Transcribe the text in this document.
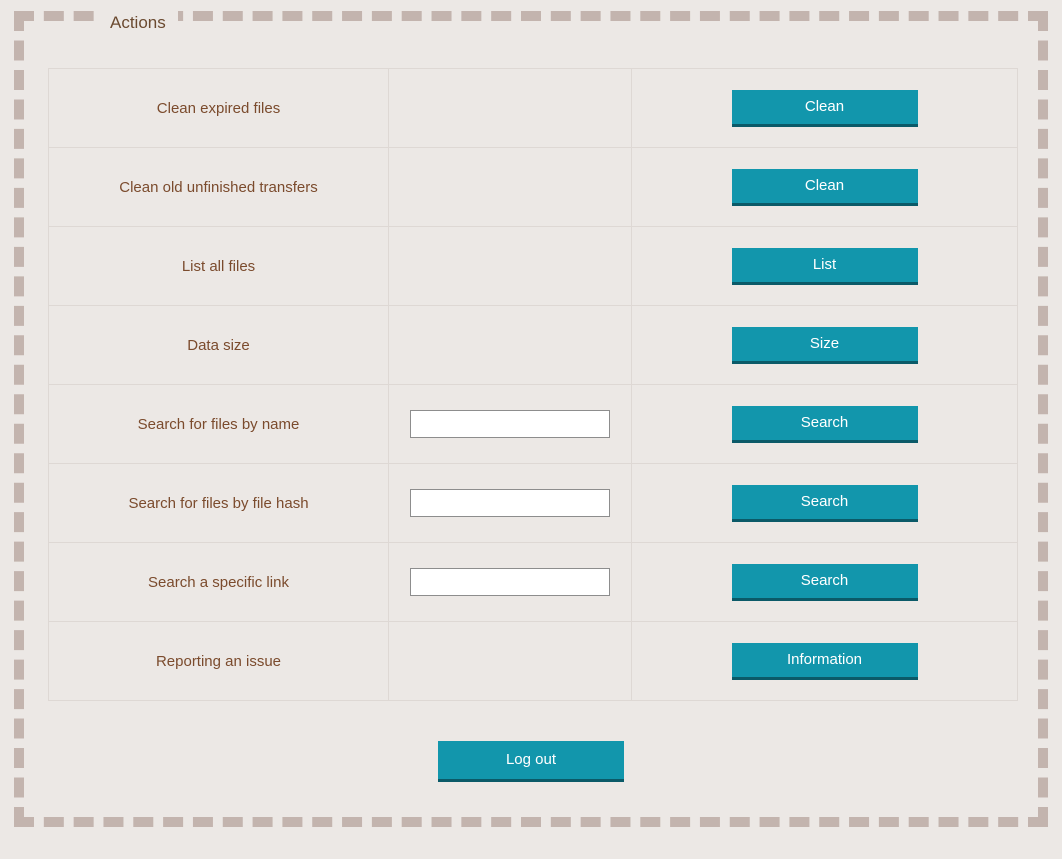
Actions
Clean expired files		Clean
Clean old unfinished transfers		Clean
List all files		List
Data size		Size
Search for files by name		Search
Search for files by file hash		Search
Search a specific link		Search
Reporting an issue		Information
Log out
